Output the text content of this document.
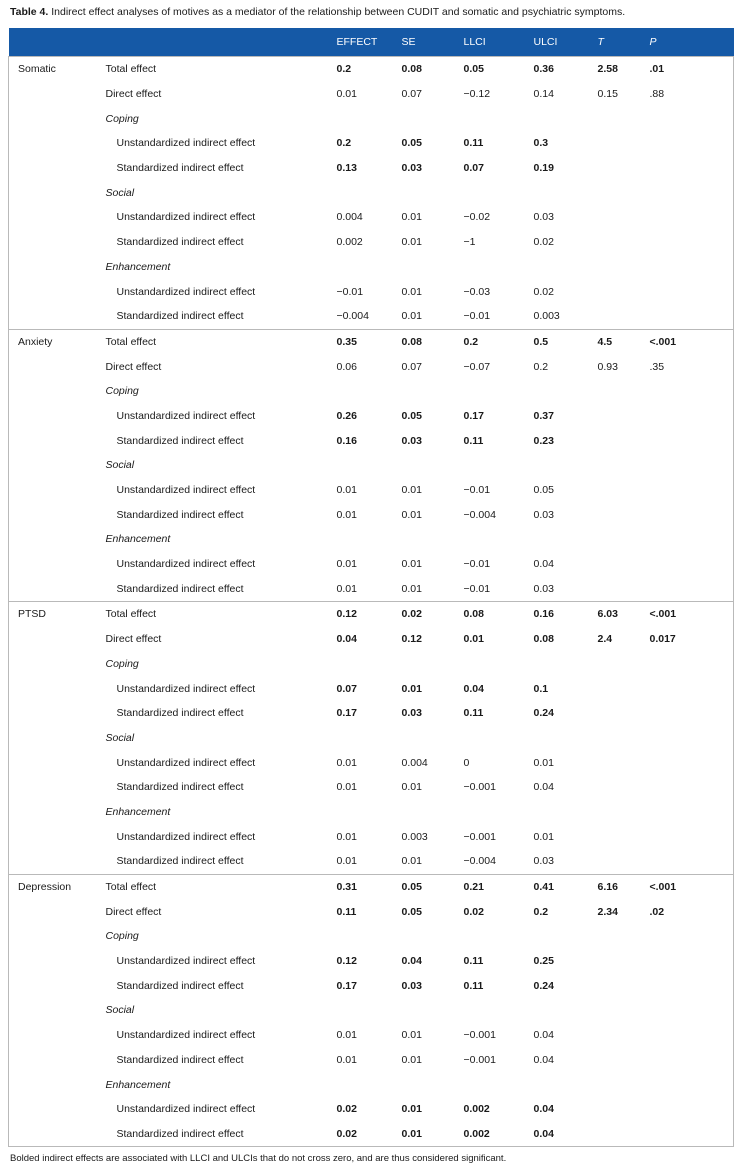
Table 4. Indirect effect analyses of motives as a mediator of the relationship between CUDIT and somatic and psychiatric symptoms.
		EFFECT	SE	LLCI	ULCI	T	P
Somatic	Total effect	0.2	0.08	0.05	0.36	2.58	.01
	Direct effect	0.01	0.07	−0.12	0.14	0.15	.88
	Coping						
	Unstandardized indirect effect	0.2	0.05	0.11	0.3		
	Standardized indirect effect	0.13	0.03	0.07	0.19		
	Social						
	Unstandardized indirect effect	0.004	0.01	−0.02	0.03		
	Standardized indirect effect	0.002	0.01	−1	0.02		
	Enhancement						
	Unstandardized indirect effect	−0.01	0.01	−0.03	0.02		
	Standardized indirect effect	−0.004	0.01	−0.01	0.003		
Anxiety	Total effect	0.35	0.08	0.2	0.5	4.5	<.001
	Direct effect	0.06	0.07	−0.07	0.2	0.93	.35
	Coping						
	Unstandardized indirect effect	0.26	0.05	0.17	0.37		
	Standardized indirect effect	0.16	0.03	0.11	0.23		
	Social						
	Unstandardized indirect effect	0.01	0.01	−0.01	0.05		
	Standardized indirect effect	0.01	0.01	−0.004	0.03		
	Enhancement						
	Unstandardized indirect effect	0.01	0.01	−0.01	0.04		
	Standardized indirect effect	0.01	0.01	−0.01	0.03		
PTSD	Total effect	0.12	0.02	0.08	0.16	6.03	<.001
	Direct effect	0.04	0.12	0.01	0.08	2.4	0.017
	Coping						
	Unstandardized indirect effect	0.07	0.01	0.04	0.1		
	Standardized indirect effect	0.17	0.03	0.11	0.24		
	Social						
	Unstandardized indirect effect	0.01	0.004	0	0.01		
	Standardized indirect effect	0.01	0.01	−0.001	0.04		
	Enhancement						
	Unstandardized indirect effect	0.01	0.003	−0.001	0.01		
	Standardized indirect effect	0.01	0.01	−0.004	0.03		
Depression	Total effect	0.31	0.05	0.21	0.41	6.16	<.001
	Direct effect	0.11	0.05	0.02	0.2	2.34	.02
	Coping						
	Unstandardized indirect effect	0.12	0.04	0.11	0.25		
	Standardized indirect effect	0.17	0.03	0.11	0.24		
	Social						
	Unstandardized indirect effect	0.01	0.01	−0.001	0.04		
	Standardized indirect effect	0.01	0.01	−0.001	0.04		
	Enhancement						
	Unstandardized indirect effect	0.02	0.01	0.002	0.04		
	Standardized indirect effect	0.02	0.01	0.002	0.04		
Bolded indirect effects are associated with LLCI and ULCIs that do not cross zero, and are thus considered significant.
